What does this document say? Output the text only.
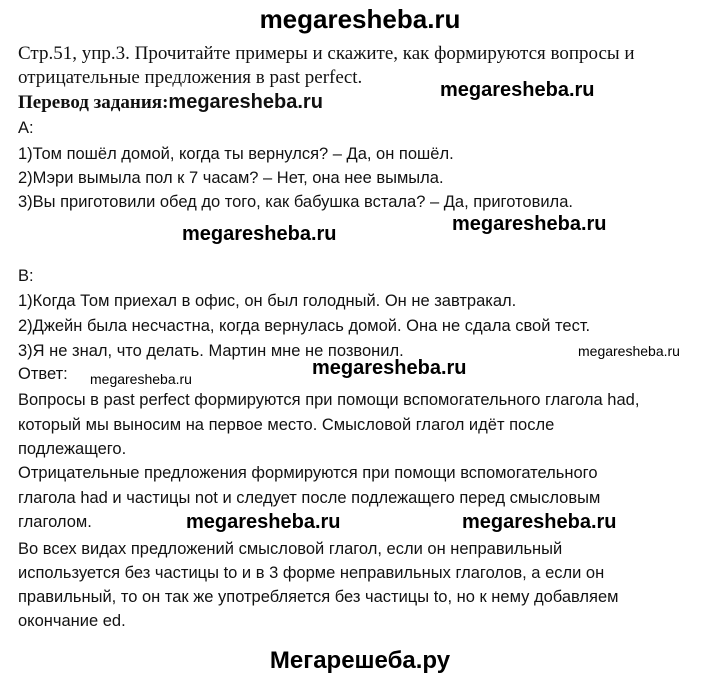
megaresheba.ru
Стр.51, упр.3. Прочитайте примеры и скажите, как формируются вопросы и
отрицательные предложения в past perfect.
Перевод задания:megaresheba.ru
A:
1)Том пошёл домой, когда ты вернулся? – Да, он пошёл.
2)Мэри вымыла пол к 7 часам? – Нет, она нее вымыла.
3)Вы приготовили обед до того, как бабушка встала? – Да, приготовила.
B:
1)Когда Том приехал в офис, он был голодный. Он не завтракал.
2)Джейн была несчастна, когда вернулась домой. Она не сдала свой тест.
3)Я не знал, что делать. Мартин мне не позвонил.
Ответ:
Вопросы в past perfect формируются при помощи вспомогательного глагола had,
который мы выносим на первое место. Смысловой глагол идёт после
подлежащего.
Отрицательные предложения формируются при помощи вспомогательного
глагола had и частицы not и следует после подлежащего перед смысловым
глаголом.
Во всех видах предложений смысловой глагол, если он неправильный
используется без частицы to и в 3 форме неправильных глаголов, а если он
правильный, то он так же употребляется без частицы to, но к нему добавляем
окончание ed.
megaresheba.ru
megaresheba.ru	megaresheba.ru
megaresheba.ru
megaresheba.ru
megaresheba.ru
megaresheba.ru	megaresheba.ru
Мегарешеба.ру
